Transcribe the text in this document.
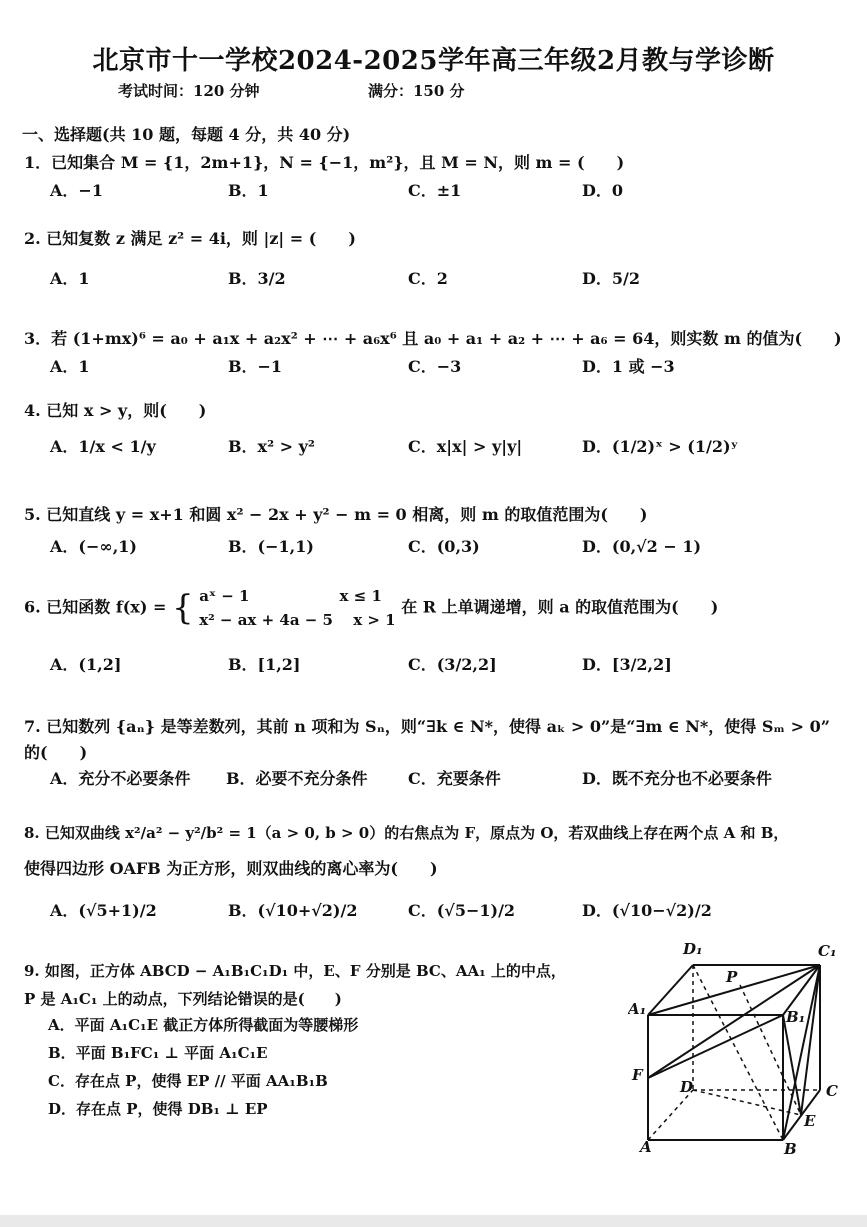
北京市十一学校2024-2025学年高三年级2月教与学诊断
考试时间：120 分钟	满分：150 分
一、选择题(共 10 题，每题 4 分，共 40 分)
1．已知集合 M = {1，2m+1}，N = {−1，m²}，且 M = N，则 m = (　　)
A．−1	B．1	C．±1	D．0
2. 已知复数 z 满足 z² = 4i，则 |z| = (　　)
A．1	B．3/2	C．2	D．5/2
3．若 (1+mx)⁶ = a₀ + a₁x + a₂x² + ⋯ + a₆x⁶ 且 a₀ + a₁ + a₂ + ⋯ + a₆ = 64，则实数 m 的值为(　　)
A．1	B．−1	C．−3	D．1 或 −3
4. 已知 x > y，则(　　)
A．1/x < 1/y	B．x² > y²	C．x|x| > y|y|	D．(1/2)ˣ > (1/2)ʸ
5. 已知直线 y = x+1 和圆 x² − 2x + y² − m = 0 相离，则 m 的取值范围为(　　)
A．(−∞,1)	B．(−1,1)	C．(0,3)	D．(0,√2 − 1)
6. 已知函数 f(x) = { aˣ − 1　　　　　　x ≤ 1
x² − ax + 4a − 5　 x > 1
在 R 上单调递增，则 a 的取值范围为(　　)
A．(1,2]	B．[1,2]	C．(3/2,2]	D．[3/2,2]
7. 已知数列 {aₙ} 是等差数列，其前 n 项和为 Sₙ，则“∃k ∈ N*，使得 aₖ > 0”是“∃m ∈ N*，使得 Sₘ > 0”
的(　　)
A．充分不必要条件 B．必要不充分条件	C．充要条件	D．既不充分也不必要条件
8. 已知双曲线 x²/a² − y²/b² = 1（a > 0, b > 0）的右焦点为 F，原点为 O，若双曲线上存在两个点 A 和 B，
使得四边形 OAFB 为正方形，则双曲线的离心率为(　　)
A．(√5+1)/2	B．(√10+√2)/2	C．(√5−1)/2	D．(√10−√2)/2
9. 如图，正方体 ABCD − A₁B₁C₁D₁ 中，E、F 分别是 BC、AA₁ 上的中点，
P 是 A₁C₁ 上的动点，下列结论错误的是(　　)
A．平面 A₁C₁E 截正方体所得截面为等腰梯形
B．平面 B₁FC₁ ⊥ 平面 A₁C₁E
C．存在点 P，使得 EP // 平面 AA₁B₁B
D．存在点 P，使得 DB₁ ⊥ EP
D₁	C₁
P
A₁	B₁
F
D	C
E
A	B
